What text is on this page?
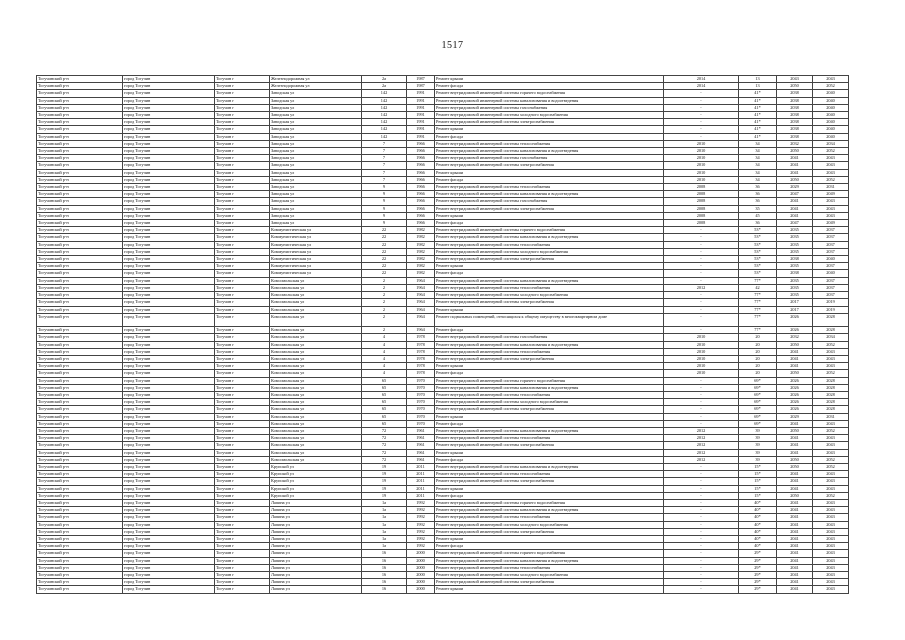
1517
Тогучинский р-н	город Тогучин	Тогучин г	Железнодорожная ул	2а	1987	Ремонт крыши	2014	13	2043	2043
Тогучинский р-н	город Тогучин	Тогучин г	Железнодорожная ул	2а	1987	Ремонт фасада	2014	13	2050	2052
Тогучинский р-н	город Тогучин	Тогучин г	Заводская ул	142	1991	Ремонт внутридомовой инженерной системы горячего водоснабжения	-	41*	2038	2040
Тогучинский р-н	город Тогучин	Тогучин г	Заводская ул	142	1991	Ремонт внутридомовой инженерной системы канализования и водоотведения	-	41*	2038	2040
Тогучинский р-н	город Тогучин	Тогучин г	Заводская ул	142	1991	Ремонт внутридомовой инженерной системы газоснабжения	-	41*	2038	2040
Тогучинский р-н	город Тогучин	Тогучин г	Заводская ул	142	1991	Ремонт внутридомовой инженерной системы холодного водоснабжения	-	41*	2038	2040
Тогучинский р-н	город Тогучин	Тогучин г	Заводская ул	142	1991	Ремонт внутридомовой инженерной системы электроснабжения	-	41*	2038	2040
Тогучинский р-н	город Тогучин	Тогучин г	Заводская ул	142	1991	Ремонт крыши	-	41*	2038	2040
Тогучинский р-н	город Тогучин	Тогучин г	Заводская ул	142	1991	Ремонт фасада	-	41*	2038	2040
Тогучинский р-н	город Тогучин	Тогучин г	Заводская ул	7	1966	Ремонт внутридомовой инженерной системы теплоснабжения	2010	34	2032	2034
Тогучинский р-н	город Тогучин	Тогучин г	Заводская ул	7	1966	Ремонт внутридомовой инженерной системы канализования и водоотведения	2010	34	2050	2052
Тогучинский р-н	город Тогучин	Тогучин г	Заводская ул	7	1966	Ремонт внутридомовой инженерной системы газоснабжения	2010	34	2041	2043
Тогучинский р-н	город Тогучин	Тогучин г	Заводская ул	7	1966	Ремонт внутридомовой инженерной системы электроснабжения	2010	34	2041	2043
Тогучинский р-н	город Тогучин	Тогучин г	Заводская ул	7	1966	Ремонт крыши	2010	34	2041	2043
Тогучинский р-н	город Тогучин	Тогучин г	Заводская ул	7	1966	Ремонт фасада	2010	34	2050	2052
Тогучинский р-н	город Тогучин	Тогучин г	Заводская ул	9	1966	Ремонт внутридомовой инженерной системы теплоснабжения	2008	36	2029	2031
Тогучинский р-н	город Тогучин	Тогучин г	Заводская ул	9	1966	Ремонт внутридомовой инженерной системы канализования и водоотведения	2008	36	2047	2049
Тогучинский р-н	город Тогучин	Тогучин г	Заводская ул	9	1966	Ремонт внутридомовой инженерной системы газоснабжения	2008	36	2041	2043
Тогучинский р-н	город Тогучин	Тогучин г	Заводская ул	9	1966	Ремонт внутридомовой инженерной системы электроснабжения	2008	35	2041	2043
Тогучинский р-н	город Тогучин	Тогучин г	Заводская ул	9	1966	Ремонт крыши	2008	45	2041	2043
Тогучинский р-н	город Тогучин	Тогучин г	Заводская ул	9	1966	Ремонт фасада	2008	36	2047	2049
Тогучинский р-н	город Тогучин	Тогучин г	Коммунистическая ул	22	1982	Ремонт внутридомовой инженерной системы горячего водоснабжения	-	53*	2035	2037
Тогучинский р-н	город Тогучин	Тогучин г	Коммунистическая ул	22	1982	Ремонт внутридомовой инженерной системы канализования и водоотведения	-	53*	2035	2037
Тогучинский р-н	город Тогучин	Тогучин г	Коммунистическая ул	22	1982	Ремонт внутридомовой инженерной системы теплоснабжения	-	53*	2035	2037
Тогучинский р-н	город Тогучин	Тогучин г	Коммунистическая ул	22	1982	Ремонт внутридомовой инженерной системы холодного водоснабжения	-	53*	2035	2037
Тогучинский р-н	город Тогучин	Тогучин г	Коммунистическая ул	22	1982	Ремонт внутридомовой инженерной системы электроснабжения	-	53*	2038	2040
Тогучинский р-н	город Тогучин	Тогучин г	Коммунистическая ул	22	1982	Ремонт крыши	-	53*	2035	2037
Тогучинский р-н	город Тогучин	Тогучин г	Коммунистическая ул	22	1982	Ремонт фасада	-	53*	2038	2040
Тогучинский р-н	город Тогучин	Тогучин г	Комсомольская ул	2	1964	Ремонт внутридомовой инженерной системы канализования и водоотведения	-	77*	2035	2037
Тогучинский р-н	город Тогучин	Тогучин г	Комсомольская ул	2	1964	Ремонт внутридомовой инженерной системы теплоснабжения	2012	42	2035	2037
Тогучинский р-н	город Тогучин	Тогучин г	Комсомольская ул	2	1964	Ремонт внутридомовой инженерной системы холодного водоснабжения	-	77*	2035	2037
Тогучинский р-н	город Тогучин	Тогучин г	Комсомольская ул	2	1964	Ремонт внутридомовой инженерной системы электроснабжения	-	77*	2017	2019
Тогучинский р-н	город Тогучин	Тогучин г	Комсомольская ул	2	1964	Ремонт крыши	-	77*	2017	2019
Тогучинский р-н	город Тогучин	Тогучин г	Комсомольская ул	2	1964	Ремонт подвальных помещений, относящихся к общему имуществу в многоквартирном доме	-	77*	2026	2028
Тогучинский р-н	город Тогучин	Тогучин г	Комсомольская ул	2	1964	Ремонт фасада	-	77*	2026	2028
Тогучинский р-н	город Тогучин	Тогучин г	Комсомольская ул	4	1978	Ремонт внутридомовой инженерной системы газоснабжения	2010	20	2032	2034
Тогучинский р-н	город Тогучин	Тогучин г	Комсомольская ул	4	1978	Ремонт внутридомовой инженерной системы канализования и водоотведения	2010	20	2050	2052
Тогучинский р-н	город Тогучин	Тогучин г	Комсомольская ул	4	1978	Ремонт внутридомовой инженерной системы теплоснабжения	2010	20	2041	2043
Тогучинский р-н	город Тогучин	Тогучин г	Комсомольская ул	4	1978	Ремонт внутридомовой инженерной системы электроснабжения	2010	20	2041	2043
Тогучинский р-н	город Тогучин	Тогучин г	Комсомольская ул	4	1978	Ремонт крыши	2010	20	2041	2043
Тогучинский р-н	город Тогучин	Тогучин г	Комсомольская ул	4	1978	Ремонт фасада	2010	20	2050	2052
Тогучинский р-н	город Тогучин	Тогучин г	Комсомольская ул	65	1970	Ремонт внутридомовой инженерной системы горячего водоснабжения	-	69*	2026	2028
Тогучинский р-н	город Тогучин	Тогучин г	Комсомольская ул	65	1970	Ремонт внутридомовой инженерной системы канализования и водоотведения	-	69*	2026	2028
Тогучинский р-н	город Тогучин	Тогучин г	Комсомольская ул	65	1970	Ремонт внутридомовой инженерной системы теплоснабжения	-	69*	2026	2028
Тогучинский р-н	город Тогучин	Тогучин г	Комсомольская ул	65	1970	Ремонт внутридомовой инженерной системы холодного водоснабжения	-	69*	2026	2028
Тогучинский р-н	город Тогучин	Тогучин г	Комсомольская ул	65	1970	Ремонт внутридомовой инженерной системы электроснабжения	-	69*	2026	2028
Тогучинский р-н	город Тогучин	Тогучин г	Комсомольская ул	65	1970	Ремонт крыши	-	69*	2029	2031
Тогучинский р-н	город Тогучин	Тогучин г	Комсомольская ул	65	1970	Ремонт фасада	-	69*	2041	2043
Тогучинский р-н	город Тогучин	Тогучин г	Комсомольская ул	72	1961	Ремонт внутридомовой инженерной системы канализования и водоотведения	2012	39	2050	2052
Тогучинский р-н	город Тогучин	Тогучин г	Комсомольская ул	72	1961	Ремонт внутридомовой инженерной системы теплоснабжения	2012	39	2041	2043
Тогучинский р-н	город Тогучин	Тогучин г	Комсомольская ул	72	1961	Ремонт внутридомовой инженерной системы электроснабжения	2012	39	2041	2043
Тогучинский р-н	город Тогучин	Тогучин г	Комсомольская ул	72	1961	Ремонт крыши	2012	39	2041	2043
Тогучинский р-н	город Тогучин	Тогучин г	Комсомольская ул	72	1961	Ремонт фасада	2012	39	2050	2052
Тогучинский р-н	город Тогучин	Тогучин г	Крупской ул	19	2011	Ремонт внутридомовой инженерной системы канализования и водоотведения	-	15*	2050	2052
Тогучинский р-н	город Тогучин	Тогучин г	Крупской ул	19	2011	Ремонт внутридомовой инженерной системы теплоснабжения	-	15*	2041	2043
Тогучинский р-н	город Тогучин	Тогучин г	Крупской ул	19	2011	Ремонт внутридомовой инженерной системы электроснабжения	-	15*	2041	2043
Тогучинский р-н	город Тогучин	Тогучин г	Крупской ул	19	2011	Ремонт крыши	-	15*	2041	2043
Тогучинский р-н	город Тогучин	Тогучин г	Крупской ул	19	2011	Ремонт фасада	-	15*	2050	2052
Тогучинский р-н	город Тогучин	Тогучин г	Лапина ул	1а	1992	Ремонт внутридомовой инженерной системы горячего водоснабжения	-	40*	2041	2043
Тогучинский р-н	город Тогучин	Тогучин г	Лапина ул	1а	1992	Ремонт внутридомовой инженерной системы канализования и водоотведения	-	40*	2041	2043
Тогучинский р-н	город Тогучин	Тогучин г	Лапина ул	1а	1992	Ремонт внутридомовой инженерной системы теплоснабжения	-	40*	2041	2043
Тогучинский р-н	город Тогучин	Тогучин г	Лапина ул	1а	1992	Ремонт внутридомовой инженерной системы холодного водоснабжения	-	40*	2041	2043
Тогучинский р-н	город Тогучин	Тогучин г	Лапина ул	1а	1992	Ремонт внутридомовой инженерной системы электроснабжения	-	40*	2041	2043
Тогучинский р-н	город Тогучин	Тогучин г	Лапина ул	1а	1992	Ремонт крыши	-	40*	2041	2043
Тогучинский р-н	город Тогучин	Тогучин г	Лапина ул	1а	1992	Ремонт фасада	-	40*	2041	2043
Тогучинский р-н	город Тогучин	Тогучин г	Лапина ул	16	2000	Ремонт внутридомовой инженерной системы горячего водоснабжения	-	29*	2041	2043
Тогучинский р-н	город Тогучин	Тогучин г	Лапина ул	16	2000	Ремонт внутридомовой инженерной системы канализования и водоотведения	-	29*	2041	2043
Тогучинский р-н	город Тогучин	Тогучин г	Лапина ул	16	2000	Ремонт внутридомовой инженерной системы теплоснабжения	-	29*	2041	2043
Тогучинский р-н	город Тогучин	Тогучин г	Лапина ул	16	2000	Ремонт внутридомовой инженерной системы холодного водоснабжения	-	29*	2041	2043
Тогучинский р-н	город Тогучин	Тогучин г	Лапина ул	16	2000	Ремонт внутридомовой инженерной системы электроснабжения	-	29*	2041	2043
Тогучинский р-н	город Тогучин	Тогучин г	Лапина ул	16	2000	Ремонт крыши	-	29*	2041	2043
